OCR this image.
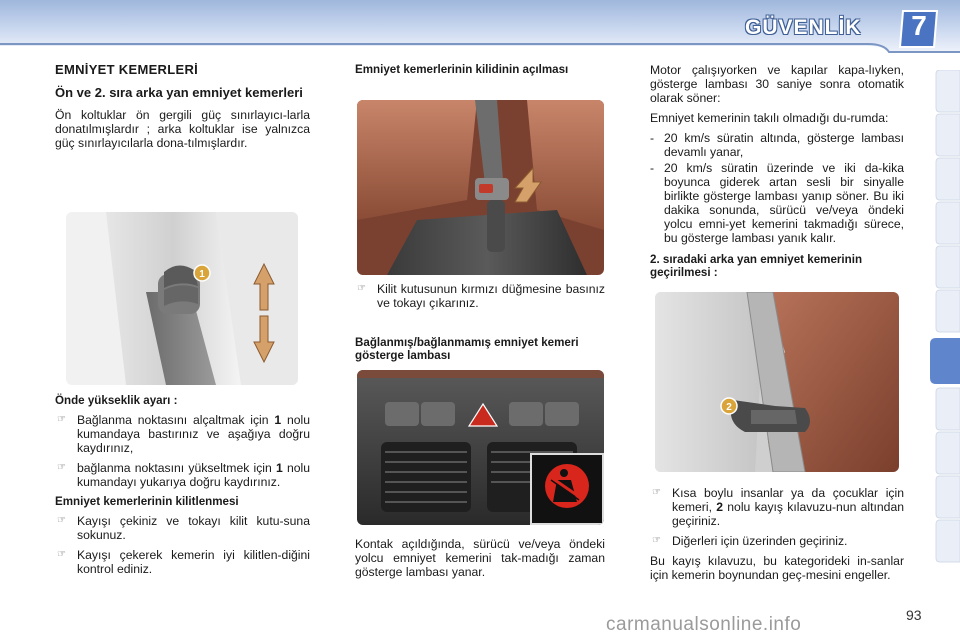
GÜVENLİK	7
EMNİYET KEMERLERİ
Ön ve 2. sıra arka yan emniyet kemerleri

Ön koltuklar ön gergili güç sınırlayıcı-larla donatılmışlardır ; arka koltuklar ise yalnızca güç sınırlayıcılarla dona-tılmışlardır.

1
Önde yükseklik ayarı :
☞ Bağlanma noktasını alçaltmak için 1 nolu kumandaya bastırınız ve aşağıya doğru kaydırınız,
☞ bağlanma noktasını yükseltmek için 1 nolu kumandayı yukarıya doğru kaydırınız.
Emniyet kemerlerinin kilitlenmesi
☞ Kayışı çekiniz ve tokayı kilit kutu-suna sokunuz.
☞ Kayışı çekerek kemerin iyi kilitlen-diğini kontrol ediniz.
Emniyet kemerlerinin kilidinin açılması
☞ Kilit kutusunun kırmızı düğmesine basınız ve tokayı çıkarınız.
Bağlanmış/bağlanmamış emniyet kemeri gösterge lambası

Kontak açıldığında, sürücü ve/veya öndeki yolcu emniyet kemerini tak-madığı zaman gösterge lambası yanar.

Motor çalışıyorken ve kapılar kapa-lıyken, gösterge lambası 30 saniye sonra otomatik olarak söner:

Emniyet kemerinin takılı olmadığı du-rumda:

- 20 km/s süratin altında, gösterge lambası devamlı yanar,
- 20 km/s süratin üzerinde ve iki da-kika boyunca giderek artan sesli bir sinyalle birlikte gösterge lambası yanıp söner. Bu iki dakika sonunda, sürücü ve/veya öndeki yolcu emni-yet kemerini takmadığı sürece, bu gösterge lambası yanık kalır.
2. sıradaki arka yan emniyet kemerinin geçirilmesi :
2
☞ Kısa boylu insanlar ya da çocuklar için kemeri, 2 nolu kayış kılavuzu-nun altından geçiriniz.
☞ Diğerleri için üzerinden geçiriniz.

Bu kayış kılavuzu, bu kategorideki in-sanlar için kemerin boynundan geç-mesini engeller.

93
carmanualsonline.info
